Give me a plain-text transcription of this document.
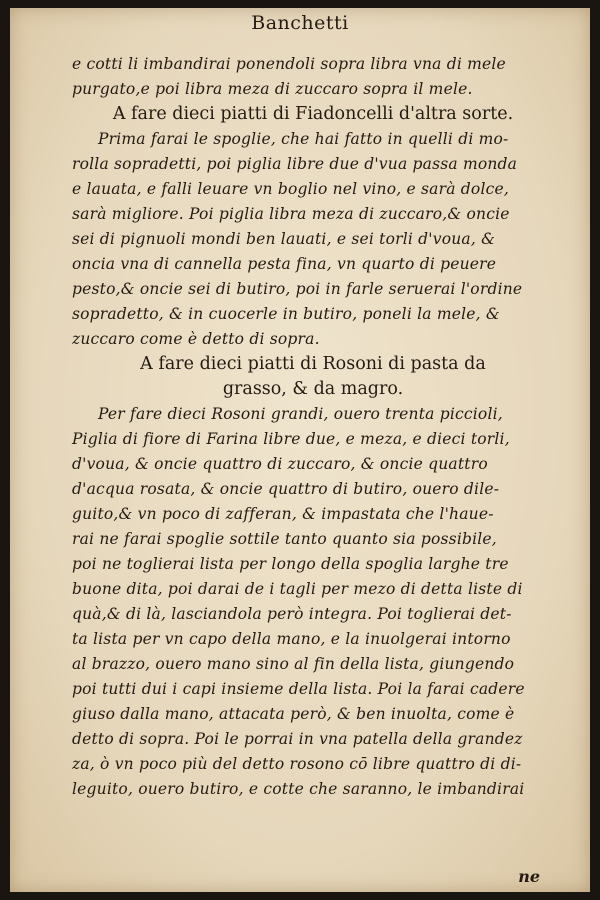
Banchetti
e cotti li imbandirai ponendoli sopra libra vna di mele
purgato,e poi libra meza di zuccaro sopra il mele.
A fare dieci piatti di Fiadoncelli d'altra sorte.
Prima farai le spoglie, che hai fatto in quelli di mo-
rolla sopradetti, poi piglia libre due d'vua passa monda
e lauata, e falli leuare vn boglio nel vino, e sarà dolce,
sarà migliore. Poi piglia libra meza di zuccaro,& oncie
sei di pignuoli mondi ben lauati, e sei torli d'voua, &
oncia vna di cannella pesta fina, vn quarto di peuere
pesto,& oncie sei di butiro, poi in farle seruerai l'ordine
sopradetto, & in cuocerle in butiro, poneli la mele, &
zuccaro come è detto di sopra.
A fare dieci piatti di Rosoni di pasta da
grasso, & da magro.
Per fare dieci Rosoni grandi, ouero trenta piccioli,
Piglia di fiore di Farina libre due, e meza, e dieci torli,
d'voua, & oncie quattro di zuccaro, & oncie quattro
d'acqua rosata, & oncie quattro di butiro, ouero dile-
guito,& vn poco di zafferan, & impastata che l'haue-
rai ne farai spoglie sottile tanto quanto sia possibile,
poi ne toglierai lista per longo della spoglia larghe tre
buone dita, poi darai de i tagli per mezo di detta liste di
quà,& di là, lasciandola però integra. Poi toglierai det-
ta lista per vn capo della mano, e la inuolgerai intorno
al brazzo, ouero mano sino al fin della lista, giungendo
poi tutti dui i capi insieme della lista. Poi la farai cadere
giuso dalla mano, attacata però, & ben inuolta, come è
detto di sopra. Poi le porrai in vna patella della grandez
za, ò vn poco più del detto rosono cō libre quattro di di-
leguito, ouero butiro, e cotte che saranno, le imbandirai
ne
